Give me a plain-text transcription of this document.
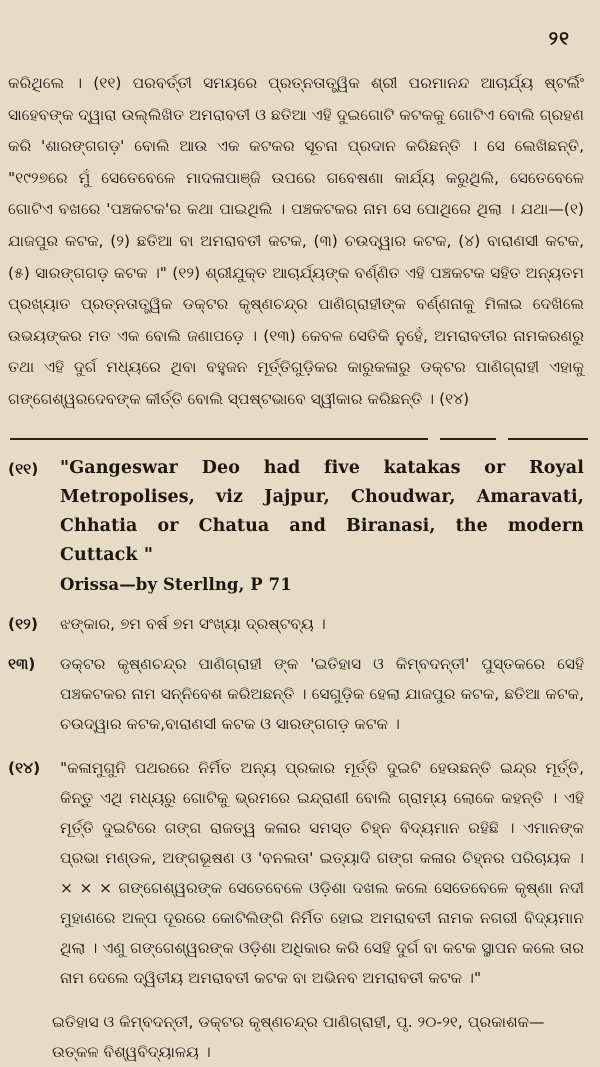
୨୧
କରିଥିଲେ । (୧୧) ପରବର୍ତ୍ତୀ ସମୟରେ ପ୍ରତ୍ନତାତ୍ତ୍ୱିକ ଶ୍ରୀ ପରମାନନ୍ଦ ଆଚାର୍ଯ୍ୟ ଷ୍ଟର୍ଲିଂ ସାହେବଙ୍କ ଦ୍ୱାରା ଉଲ୍ଲିଖିତ ଅମରାବତୀ ଓ ଛତିଆ ଏହି ଦୁଇଗୋଟି କଟକକୁ ଗୋଟିଏ ବୋଲି ଗ୍ରହଣ କରି 'ଶାରଙ୍ଗଗଡ଼' ବୋଲି ଆଉ ଏକ କଟକର ସୂଚନା ପ୍ରଦାନ କରିଛନ୍ତି । ସେ ଲେଖିଛନ୍ତି, "୧୯୨୭ରେ ମୁଁ ସେତେବେଳେ ମାଦଳାପାଞ୍ଜି ଉପରେ ଗବେଷଣା କାର୍ଯ୍ୟ କରୁଥିଲି, ସେତେବେଳେ ଗୋଟିଏ ବଖରେ 'ପଞ୍ଚକଟକ'ର କଥା ପାଇଥିଲି । ପଞ୍ଚକଟକର ନାମ ସେ ପୋଥିରେ ଥିଲା । ଯଥା—(୧) ଯାଜପୁର କଟକ, (୨) ଛତିଆ ବା ଅମରାବତୀ କଟକ, (୩) ଚଉଦ୍ୱାର କଟକ, (୪) ବାରାଣସୀ କଟକ, (୫) ସାରଙ୍ଗଗଡ଼ କଟକ ।" (୧୨) ଶ୍ରୀଯୁକ୍ତ ଆଚାର୍ଯ୍ୟଙ୍କ ବର୍ଣ୍ଣିତ ଏହି ପଞ୍ଚକଟକ ସହିତ ଅନ୍ୟତମ ପ୍ରଖ୍ୟାତ ପ୍ରତ୍ନତାତ୍ତ୍ୱିକ ଡକ୍ଟର କୃଷ୍ଣଚନ୍ଦ୍ର ପାଣିଗ୍ରାହୀଙ୍କ ବର୍ଣ୍ଣନାକୁ ମିଳାଇ ଦେଖିଲେ ଉଭୟଙ୍କର ମତ ଏକ ବୋଲି ଜଣାପଡ଼େ । (୧୩) କେବଳ ସେତିକି ନୁହେଁ, ଅମରାବତୀର ନାମକରଣରୁ ତଥା ଏହି ଦୁର୍ଗ ମଧ୍ୟରେ ଥିବା ବହୁଜନ ମୂର୍ତ୍ତିଗୁଡ଼ିକର କାରୁକଳାରୁ ଡକ୍ଟର ପାଣିଗ୍ରାହୀ ଏହାକୁ ଗଙ୍ଗେଶ୍ୱରଦେବଙ୍କ କୀର୍ତ୍ତି ବୋଲି ସ୍ପଷ୍ଟଭାବେ ସ୍ୱୀକାର କରିଛନ୍ତି । (୧୪)
(୧୧)	"Gangeswar Deo had five katakas or Royal Metropolises, viz Jajpur, Choudwar, Amaravati, Chhatia or Chatua and Biranasi, the modern Cuttack "
Orissa—by Sterllng, P 71
(୧୨)	ଝଙ୍କାର, ୭ମ ବର୍ଷ ୭ମ ସଂଖ୍ୟା ଦ୍ରଷ୍ଟବ୍ୟ ।
୧୩)	ଡକ୍ଟର କୃଷ୍ଣଚନ୍ଦ୍ର ପାଣିଗ୍ରାହୀ ଙ୍କ 'ଇତିହାସ ଓ କିମ୍ବଦନ୍ତୀ' ପୁସ୍ତକରେ ସେହି ପଞ୍ଚକଟକର ନାମ ସନ୍ନିବେଶ କରିଅଛନ୍ତି । ସେଗୁଡ଼ିକ ହେଲା ଯାଜପୁର କଟକ, ଛତିଆ କଟକ, ଚଉଦ୍ୱାର କଟକ,ବାରାଣସୀ କଟକ ଓ ସାରଙ୍ଗଗଡ଼ କଟକ ।
(୧୪)	"କଳାମୁଗୁନି ପଥରରେ ନିର୍ମିତ ଅନ୍ୟ ପ୍ରକାର ମୂର୍ତ୍ତି ଦୁଇଟି ହେଉଛନ୍ତି ଇନ୍ଦ୍ର ମୂର୍ତ୍ତି, କିନ୍ତୁ ଏଥି ମଧ୍ୟରୁ ଗୋଟିକୁ ଭ୍ରମରେ ଇନ୍ଦ୍ରାଣୀ ବୋଲି ଗ୍ରାମ୍ୟ ଲୋକେ କହନ୍ତି । ଏହି ମୂର୍ତ୍ତି ଦୁଇଟିରେ ଗଙ୍ଗ ରାଜତ୍ୱ କଳାର ସମସ୍ତ ଚିହ୍ନ ବିଦ୍ୟମାନ ରହିଛି । ଏମାନଙ୍କ ପ୍ରଭା ମଣ୍ଡଳ, ଅଙ୍ଗଭୂଷଣ ଓ 'ବନଲତା' ଇତ୍ୟାଦି ଗଙ୍ଗ କଳାର ଚିହ୍ନର ପରିଚାୟକ । × × × ଗଙ୍ଗେଶ୍ୱରଙ୍କ ସେତେବେଳେ ଓଡ଼ିଶା ଦଖଲ କଲେ ସେତେବେଳେ କୃଷ୍ଣା ନଦୀ ମୁହାଣରେ ଅଳ୍ପ ଦୂରରେ କୋଟିଲିଙ୍ଗି ନିର୍ମିତ ହୋଇ ଅମରାବତୀ ନାମକ ନଗରୀ ବିଦ୍ୟମାନ ଥିଲା । ଏଣୁ ଗଙ୍ଗେଶ୍ୱରଙ୍କ ଓଡ଼ିଶା ଅଧିକାର କରି ସେହି ଦୁର୍ଗ ବା କଟକ ସ୍ଥାପନ କଲେ ତାର ନାମ ଦେଲେ ଦ୍ୱିତୀୟ ଅମରାବତୀ କଟକ ବା ଅଭିନବ ଅମରାବତୀ କଟକ ।"
ଇତିହାସ ଓ କିମ୍ବଦନ୍ତୀ, ଡକ୍ଟର କୃଷ୍ଣଚନ୍ଦ୍ର ପାଣିଗ୍ରାହୀ, ପୃ. ୨୦-୨୧, ପ୍ରକାଶକ—ଉତ୍କଳ ବିଶ୍ୱବିଦ୍ୟାଳୟ ।
